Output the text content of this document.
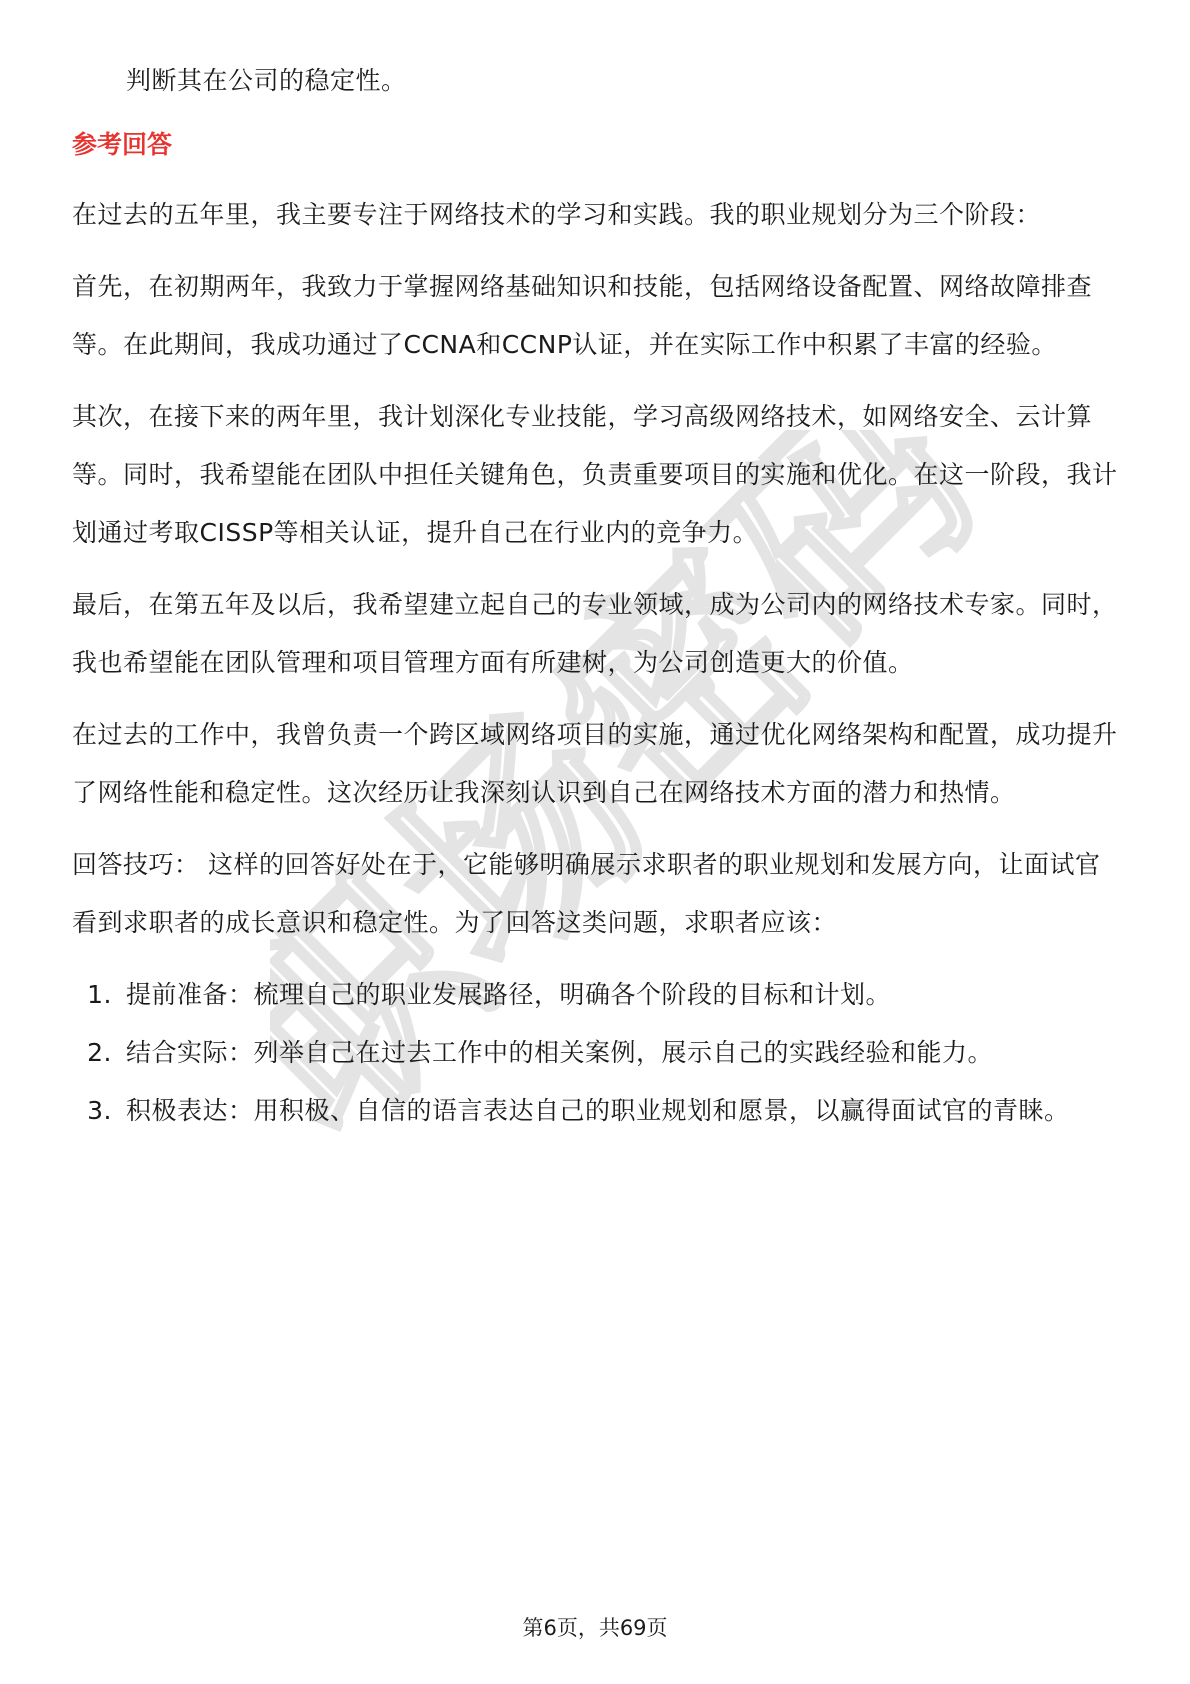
职场密码

判断其在公司的稳定性。

参考回答

在过去的五年里，我主要专注于网络技术的学习和实践。我的职业规划分为三个阶段：

首先，在初期两年，我致力于掌握网络基础知识和技能，包括网络设备配置、网络故障排查等。在此期间，我成功通过了CCNA和CCNP认证，并在实际工作中积累了丰富的经验。

其次，在接下来的两年里，我计划深化专业技能，学习高级网络技术，如网络安全、云计算等。同时，我希望能在团队中担任关键角色，负责重要项目的实施和优化。在这一阶段，我计划通过考取CISSP等相关认证，提升自己在行业内的竞争力。

最后，在第五年及以后，我希望建立起自己的专业领域，成为公司内的网络技术专家。同时，我也希望能在团队管理和项目管理方面有所建树，为公司创造更大的价值。

在过去的工作中，我曾负责一个跨区域网络项目的实施，通过优化网络架构和配置，成功提升了网络性能和稳定性。这次经历让我深刻认识到自己在网络技术方面的潜力和热情。

回答技巧： 这样的回答好处在于，它能够明确展示求职者的职业规划和发展方向，让面试官看到求职者的成长意识和稳定性。为了回答这类问题，求职者应该：

1. 提前准备：梳理自己的职业发展路径，明确各个阶段的目标和计划。
2. 结合实际：列举自己在过去工作中的相关案例，展示自己的实践经验和能力。
3. 积极表达：用积极、自信的语言表达自己的职业规划和愿景，以赢得面试官的青睐。
第6页，共69页
